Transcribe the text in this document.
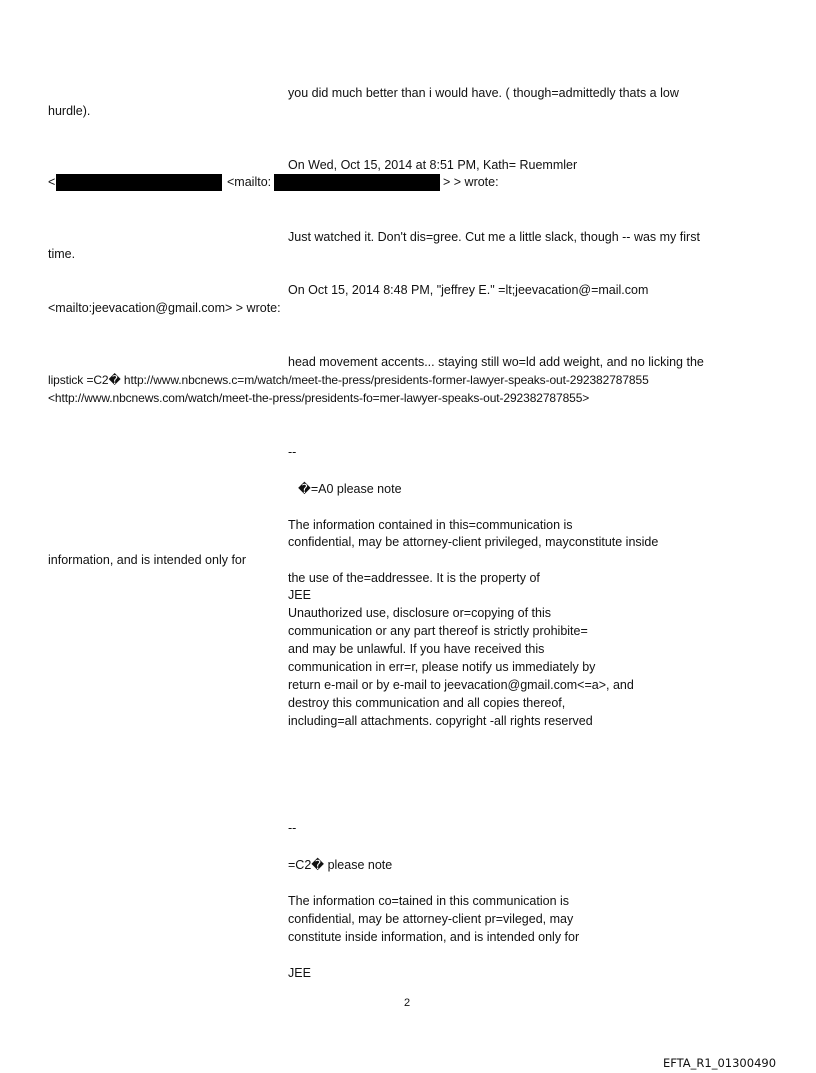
you did much better than i would have. ( though=admittedly thats a low

hurdle).

On Wed, Oct 15, 2014 at 8:51 PM, Kath= Ruemmler

<	<mailto:	> > wrote:

Just watched it. Don't dis=gree. Cut me a little slack, though -- was my first

time.

On Oct 15, 2014 8:48 PM, "jeffrey E." =lt;jeevacation@=mail.com

<mailto:jeevacation@gmail.com> > wrote:

head movement accents... staying still wo=ld add weight, and no licking the

lipstick =C2� http://www.nbcnews.c=m/watch/meet-the-press/presidents-former-lawyer-speaks-out-292382787855

<http://www.nbcnews.com/watch/meet-the-press/presidents-fo=mer-lawyer-speaks-out-292382787855>

--

�=A0 please note

The information contained in this=communication is

confidential, may be attorney-client privileged, mayconstitute inside

information, and is intended only for

the use of the=addressee. It is the property of

JEE

Unauthorized use, disclosure or=copying of this

communication or any part thereof is strictly prohibite=

and may be unlawful. If you have received this

communication in err=r, please notify us immediately by

return e-mail or by e-mail to jeevacation@gmail.com<=a>, and

destroy this communication and all copies thereof,

including=all attachments. copyright -all rights reserved

--

=C2� please note

The information co=tained in this communication is

confidential, may be attorney-client pr=vileged, may

constitute inside information, and is intended only for

JEE

2

EFTA_R1_01300490
